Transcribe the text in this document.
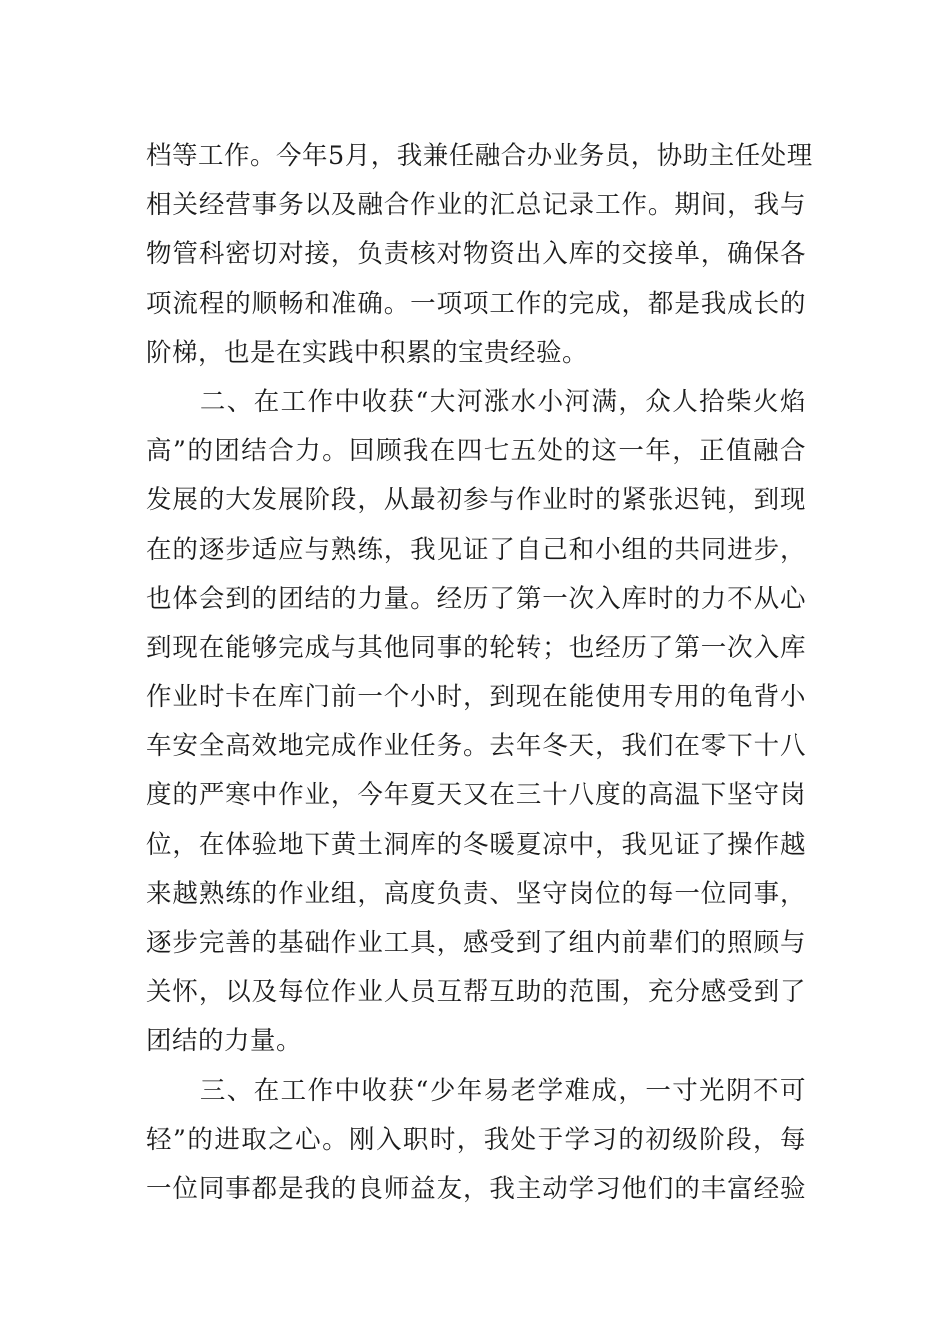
档等工作。今年5月，我兼任融合办业务员，协助主任处理
相关经营事务以及融合作业的汇总记录工作。期间，我与
物管科密切对接，负责核对物资出入库的交接单，确保各
项流程的顺畅和准确。一项项工作的完成，都是我成长的
阶梯，也是在实践中积累的宝贵经验。
　　二、在工作中收获“大河涨水小河满，众人拾柴火焰
高”的团结合力。回顾我在四七五处的这一年，正值融合
发展的大发展阶段，从最初参与作业时的紧张迟钝，到现
在的逐步适应与熟练，我见证了自己和小组的共同进步，
也体会到的团结的力量。经历了第一次入库时的力不从心
到现在能够完成与其他同事的轮转；也经历了第一次入库
作业时卡在库门前一个小时，到现在能使用专用的龟背小
车安全高效地完成作业任务。去年冬天，我们在零下十八
度的严寒中作业，今年夏天又在三十八度的高温下坚守岗
位，在体验地下黄土洞库的冬暖夏凉中，我见证了操作越
来越熟练的作业组，高度负责、坚守岗位的每一位同事，
逐步完善的基础作业工具，感受到了组内前辈们的照顾与
关怀，以及每位作业人员互帮互助的范围，充分感受到了
团结的力量。
　　三、在工作中收获“少年易老学难成，一寸光阴不可
轻”的进取之心。刚入职时，我处于学习的初级阶段，每
一位同事都是我的良师益友，我主动学习他们的丰富经验
